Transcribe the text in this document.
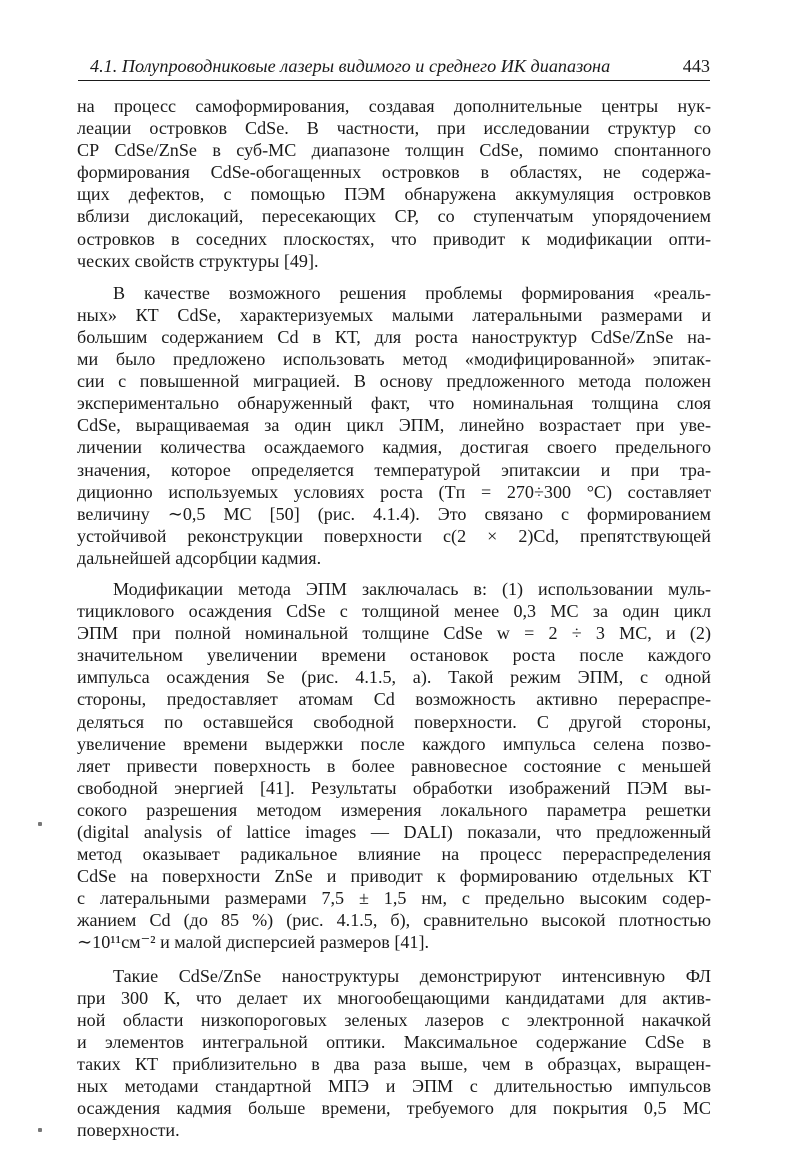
4.1. Полупроводниковые лазеры видимого и среднего ИК диапазона	443
на процесс самоформирования, создавая дополнительные центры нук-
леации островков CdSe. В частности, при исследовании структур со
СР CdSe/ZnSe в суб-МС диапазоне толщин CdSe, помимо спонтанного
формирования CdSe-обогащенных островков в областях, не содержа-
щих дефектов, с помощью ПЭМ обнаружена аккумуляция островков
вблизи дислокаций, пересекающих СР, со ступенчатым упорядочением
островков в соседних плоскостях, что приводит к модификации опти-
ческих свойств структуры [49].
В качестве возможного решения проблемы формирования «реаль-
ных» КТ CdSe, характеризуемых малыми латеральными размерами и
большим содержанием Cd в КТ, для роста наноструктур CdSe/ZnSe на-
ми было предложено использовать метод «модифицированной» эпитак-
сии с повышенной миграцией. В основу предложенного метода положен
экспериментально обнаруженный факт, что номинальная толщина слоя
CdSe, выращиваемая за один цикл ЭПМ, линейно возрастает при уве-
личении количества осаждаемого кадмия, достигая своего предельного
значения, которое определяется температурой эпитаксии и при тра-
диционно используемых условиях роста (Tп = 270÷300 °C) составляет
величину ∼0,5 МС [50] (рис. 4.1.4). Это связано с формированием
устойчивой реконструкции поверхности c(2 × 2)Cd, препятствующей
дальнейшей адсорбции кадмия.
Модификации метода ЭПМ заключалась в: (1) использовании муль-
тициклового осаждения CdSe с толщиной менее 0,3 МС за один цикл
ЭПМ при полной номинальной толщине CdSe w = 2 ÷ 3 МС, и (2)
значительном увеличении времени остановок роста после каждого
импульса осаждения Se (рис. 4.1.5, а). Такой режим ЭПМ, с одной
стороны, предоставляет атомам Cd возможность активно перераспре-
деляться по оставшейся свободной поверхности. С другой стороны,
увеличение времени выдержки после каждого импульса селена позво-
ляет привести поверхность в более равновесное состояние с меньшей
свободной энергией [41]. Результаты обработки изображений ПЭМ вы-
сокого разрешения методом измерения локального параметра решетки
(digital analysis of lattice images — DALI) показали, что предложенный
метод оказывает радикальное влияние на процесс перераспределения
CdSe на поверхности ZnSe и приводит к формированию отдельных КТ
с латеральными размерами 7,5 ± 1,5 нм, с предельно высоким содер-
жанием Cd (до 85 %) (рис. 4.1.5, б), сравнительно высокой плотностью
∼10¹¹см⁻² и малой дисперсией размеров [41].
Такие CdSe/ZnSe наноструктуры демонстрируют интенсивную ФЛ
при 300 К, что делает их многообещающими кандидатами для актив-
ной области низкопороговых зеленых лазеров с электронной накачкой
и элементов интегральной оптики. Максимальное содержание CdSe в
таких КТ приблизительно в два раза выше, чем в образцах, выращен-
ных методами стандартной МПЭ и ЭПМ с длительностью импульсов
осаждения кадмия больше времени, требуемого для покрытия 0,5 МС
поверхности.
